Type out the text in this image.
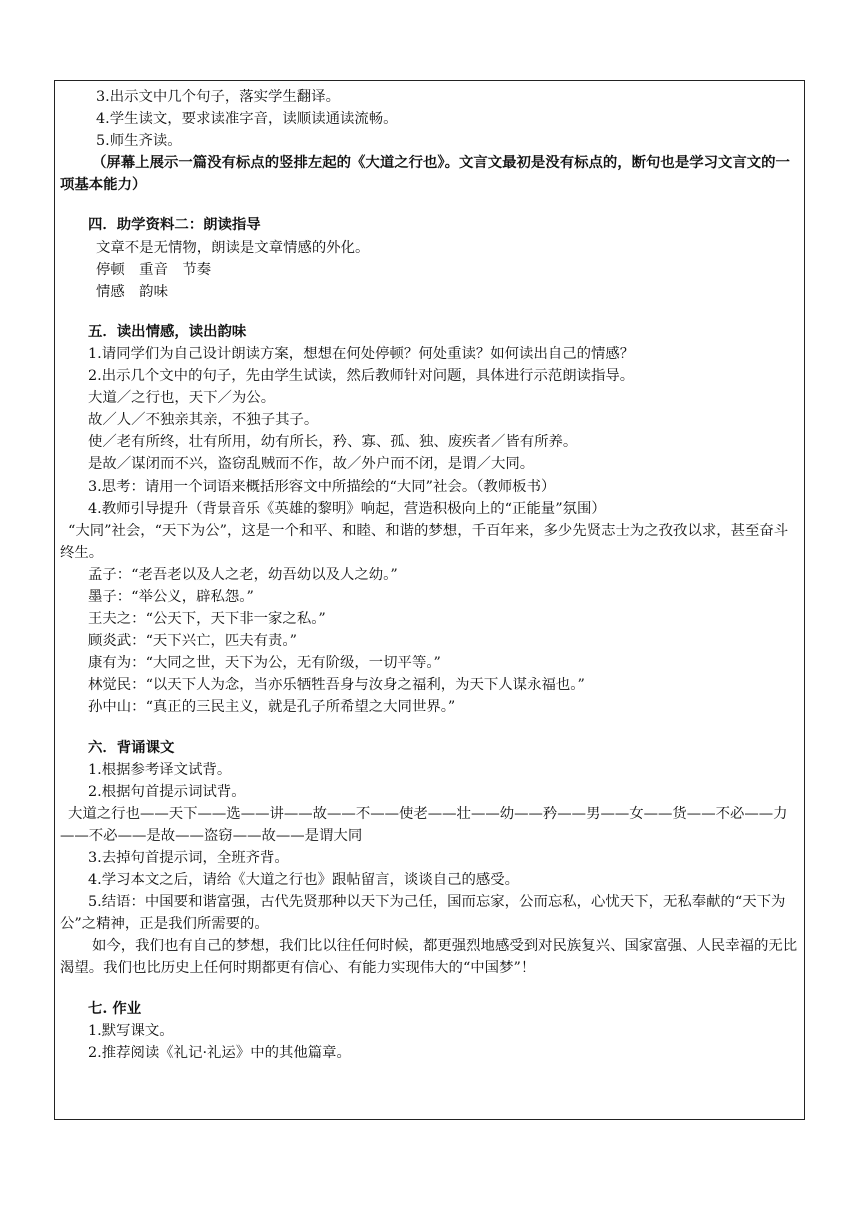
3.出示文中几个句子，落实学生翻译。
4.学生读文，要求读准字音，读顺读通读流畅。
5.师生齐读。
（屏幕上展示一篇没有标点的竖排左起的《大道之行也》。文言文最初是没有标点的，断句也是学习文言文的一项基本能力）
四．助学资料二：朗读指导
文章不是无情物，朗读是文章情感的外化。
停顿　重音　节奏
情感　韵味
五．读出情感，读出韵味
1.请同学们为自己设计朗读方案，想想在何处停顿？何处重读？如何读出自己的情感？
2.出示几个文中的句子，先由学生试读，然后教师针对问题，具体进行示范朗读指导。
大道／之行也，天下／为公。
故／人／不独亲其亲，不独子其子。
使／老有所终，壮有所用，幼有所长，矜、寡、孤、独、废疾者／皆有所养。
是故／谋闭而不兴，盗窃乱贼而不作，故／外户而不闭，是谓／大同。
3.思考：请用一个词语来概括形容文中所描绘的“大同”社会。（教师板书）
4.教师引导提升（背景音乐《英雄的黎明》响起，营造积极向上的“正能量”氛围）
“大同”社会，“天下为公”，这是一个和平、和睦、和谐的梦想，千百年来，多少先贤志士为之孜孜以求，甚至奋斗终生。
孟子：“老吾老以及人之老，幼吾幼以及人之幼。”
墨子：“举公义，辟私怨。”
王夫之：“公天下，天下非一家之私。”
顾炎武：“天下兴亡，匹夫有责。”
康有为：“大同之世，天下为公，无有阶级，一切平等。”
林觉民：“以天下人为念，当亦乐牺牲吾身与汝身之福利，为天下人谋永福也。”
孙中山：“真正的三民主义，就是孔子所希望之大同世界。”
六．背诵课文
1.根据参考译文试背。
2.根据句首提示词试背。
大道之行也——天下——选——讲——故——不——使老——壮——幼——矜——男——女——货——不必——力——不必——是故——盗窃——故——是谓大同
3.去掉句首提示词，全班齐背。
4.学习本文之后，请给《大道之行也》跟帖留言，谈谈自己的感受。
5.结语：中国要和谐富强，古代先贤那种以天下为己任，国而忘家，公而忘私，心忧天下，无私奉献的“天下为公”之精神，正是我们所需要的。
如今，我们也有自己的梦想，我们比以往任何时候，都更强烈地感受到对民族复兴、国家富强、人民幸福的无比渴望。我们也比历史上任何时期都更有信心、有能力实现伟大的“中国梦”！
七. 作业
1.默写课文。
2.推荐阅读《礼记·礼运》中的其他篇章。
